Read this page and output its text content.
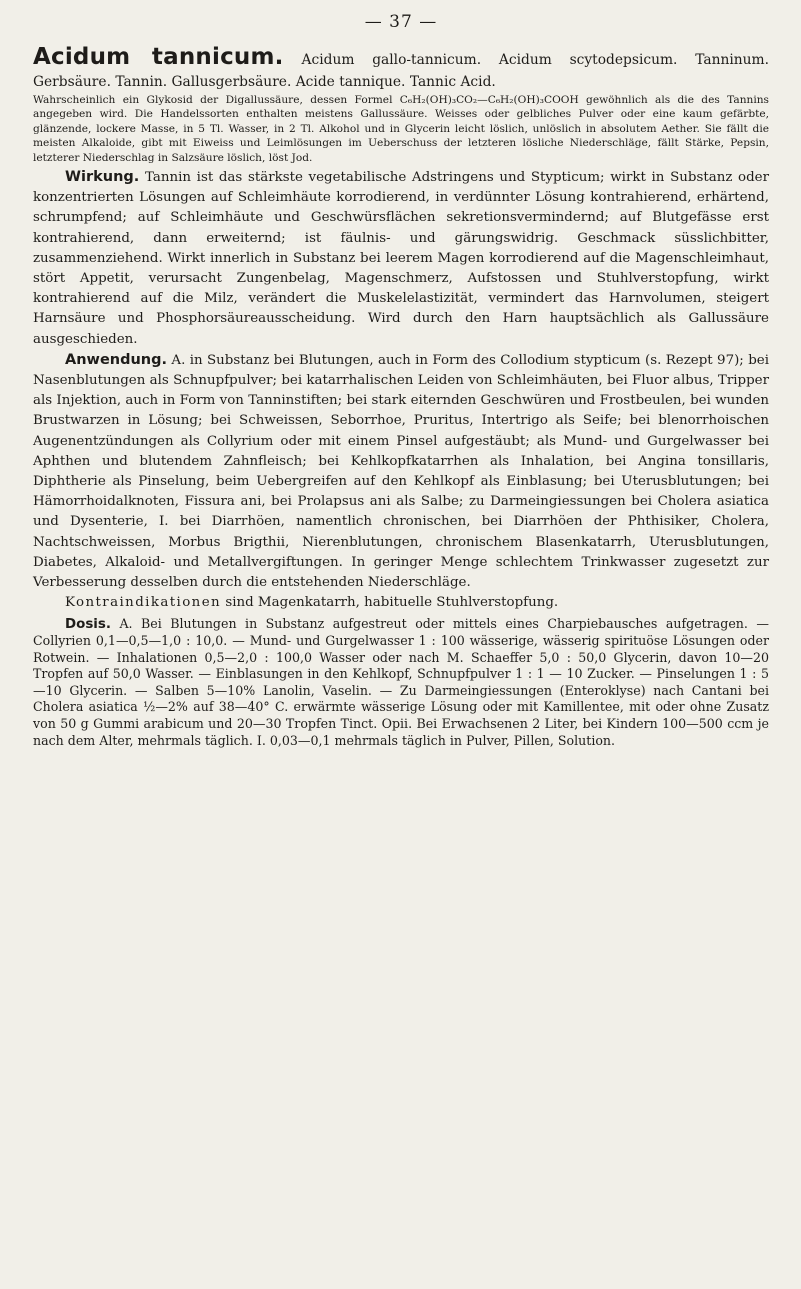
— 37 —

Acidum tannicum. Acidum gallo-tannicum. Acidum scytodepsicum. Tanninum. Gerbsäure. Tannin. Gallusgerbsäure. Acide tannique. Tannic Acid.

Wahrscheinlich ein Glykosid der Digallussäure, dessen Formel C₆H₂(OH)₃CO₂—C₆H₂(OH)₃COOH gewöhnlich als die des Tannins angegeben wird. Die Handelssorten enthalten meistens Gallussäure. Weisses oder gelbliches Pulver oder eine kaum gefärbte, glänzende, lockere Masse, in 5 Tl. Wasser, in 2 Tl. Alkohol und in Glycerin leicht löslich, unlöslich in absolutem Aether. Sie fällt die meisten Alkaloide, gibt mit Eiweiss und Leimlösungen im Ueberschuss der letzteren lösliche Niederschläge, fällt Stärke, Pepsin, letzterer Niederschlag in Salzsäure löslich, löst Jod.

Wirkung. Tannin ist das stärkste vegetabilische Adstringens und Stypticum; wirkt in Substanz oder konzentrierten Lösungen auf Schleimhäute korrodierend, in verdünnter Lösung kontrahierend, erhärtend, schrumpfend; auf Schleimhäute und Geschwürsflächen sekretionsvermindernd; auf Blutgefässe erst kontrahierend, dann erweiternd; ist fäulnis- und gärungswidrig. Geschmack süsslichbitter, zusammenziehend. Wirkt innerlich in Substanz bei leerem Magen korrodierend auf die Magenschleimhaut, stört Appetit, verursacht Zungenbelag, Magenschmerz, Aufstossen und Stuhlverstopfung, wirkt kontrahierend auf die Milz, verändert die Muskelelastizität, vermindert das Harnvolumen, steigert Harnsäure und Phosphorsäureausscheidung. Wird durch den Harn hauptsächlich als Gallussäure ausgeschieden.

Anwendung. A. in Substanz bei Blutungen, auch in Form des Collodium stypticum (s. Rezept 97); bei Nasenblutungen als Schnupfpulver; bei katarrhalischen Leiden von Schleimhäuten, bei Fluor albus, Tripper als Injektion, auch in Form von Tanninstiften; bei stark eiternden Geschwüren und Frostbeulen, bei wunden Brustwarzen in Lösung; bei Schweissen, Seborrhoe, Pruritus, Intertrigo als Seife; bei blenorrhoischen Augenentzündungen als Collyrium oder mit einem Pinsel aufgestäubt; als Mund- und Gurgelwasser bei Aphthen und blutendem Zahnfleisch; bei Kehlkopfkatarrhen als Inhalation, bei Angina tonsillaris, Diphtherie als Pinselung, beim Uebergreifen auf den Kehlkopf als Einblasung; bei Uterusblutungen; bei Hämorrhoidalknoten, Fissura ani, bei Prolapsus ani als Salbe; zu Darmeingiessungen bei Cholera asiatica und Dysenterie, I. bei Diarrhöen, namentlich chronischen, bei Diarrhöen der Phthisiker, Cholera, Nachtschweissen, Morbus Brigthii, Nierenblutungen, chronischem Blasenkatarrh, Uterusblutungen, Diabetes, Alkaloid- und Metallvergiftungen. In geringer Menge schlechtem Trinkwasser zugesetzt zur Verbesserung desselben durch die entstehenden Niederschläge.

Kontraindikationen sind Magenkatarrh, habituelle Stuhlverstopfung.

Dosis. A. Bei Blutungen in Substanz aufgestreut oder mittels eines Charpiebausches aufgetragen. — Collyrien 0,1—0,5—1,0 : 10,0. — Mund- und Gurgelwasser 1 : 100 wässerige, wässerig spirituöse Lösungen oder Rotwein. — Inhalationen 0,5—2,0 : 100,0 Wasser oder nach M. Schaeffer 5,0 : 50,0 Glycerin, davon 10—20 Tropfen auf 50,0 Wasser. — Einblasungen in den Kehlkopf, Schnupfpulver 1 : 1 — 10 Zucker. — Pinselungen 1 : 5—10 Glycerin. — Salben 5—10% Lanolin, Vaselin. — Zu Darmeingiessungen (Enteroklyse) nach Cantani bei Cholera asiatica ½—2% auf 38—40° C. erwärmte wässerige Lösung oder mit Kamillentee, mit oder ohne Zusatz von 50 g Gummi arabicum und 20—30 Tropfen Tinct. Opii. Bei Erwachsenen 2 Liter, bei Kindern 100—500 ccm je nach dem Alter, mehrmals täglich. I. 0,03—0,1 mehrmals täglich in Pulver, Pillen, Solution.
